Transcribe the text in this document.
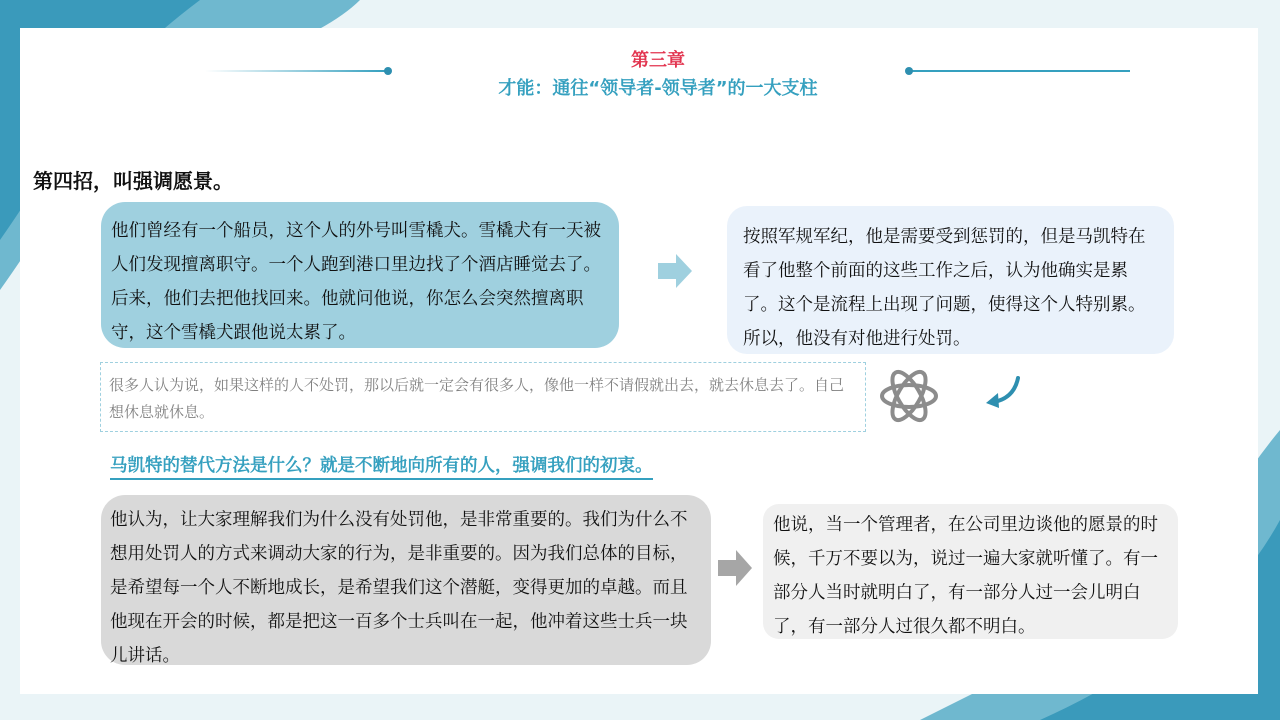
第三章
才能：通往“领导者-领导者”的一大支柱
第四招，叫强调愿景。
他们曾经有一个船员，这个人的外号叫雪橇犬。雪橇犬有一天被人们发现擅离职守。一个人跑到港口里边找了个酒店睡觉去了。后来，他们去把他找回来。他就问他说，你怎么会突然擅离职守，这个雪橇犬跟他说太累了。
按照军规军纪，他是需要受到惩罚的，但是马凯特在看了他整个前面的这些工作之后，认为他确实是累了。这个是流程上出现了问题，使得这个人特别累。所以，他没有对他进行处罚。
很多人认为说，如果这样的人不处罚，那以后就一定会有很多人，像他一样不请假就出去，就去休息去了。自己想休息就休息。
马凯特的替代方法是什么？就是不断地向所有的人，强调我们的初衷。
他认为，让大家理解我们为什么没有处罚他，是非常重要的。我们为什么不想用处罚人的方式来调动大家的行为，是非重要的。因为我们总体的目标，是希望每一个人不断地成长，是希望我们这个潜艇，变得更加的卓越。而且他现在开会的时候，都是把这一百多个士兵叫在一起，他冲着这些士兵一块儿讲话。
他说，当一个管理者，在公司里边谈他的愿景的时候，千万不要以为，说过一遍大家就听懂了。有一部分人当时就明白了，有一部分人过一会儿明白了，有一部分人过很久都不明白。
